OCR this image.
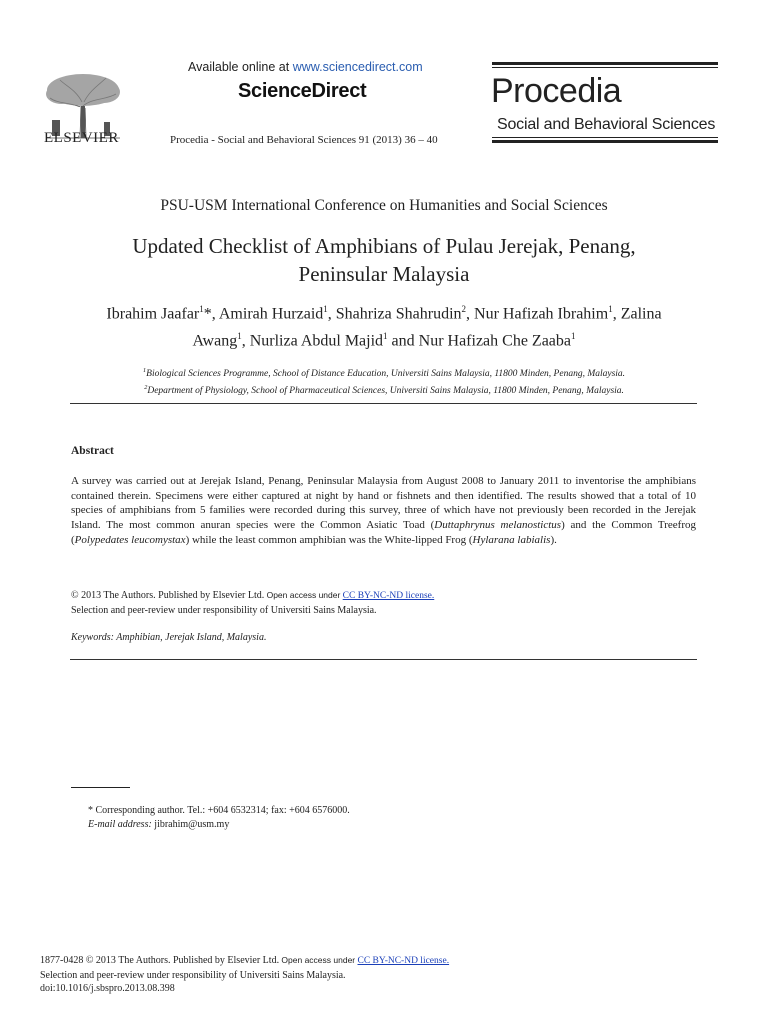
ELSEVIER
Available online at www.sciencedirect.com
ScienceDirect
Procedia - Social and Behavioral Sciences 91 (2013) 36 – 40
Procedia
Social and Behavioral Sciences
PSU-USM International Conference on Humanities and Social Sciences
Updated Checklist of Amphibians of Pulau Jerejak, Penang,
Peninsular Malaysia
Ibrahim Jaafar$^1$*, Amirah Hurzaid$^1$, Shahriza Shahrudin$^2$, Nur Hafizah Ibrahim$^1$, Zalina
Awang$^1$, Nurliza Abdul Majid$^1$ and Nur Hafizah Che Zaaba$^1$
$^1$Biological Sciences Programme, School of Distance Education, Universiti Sains Malaysia, 11800 Minden, Penang, Malaysia.
$^2$Department of Physiology, School of Pharmaceutical Sciences, Universiti Sains Malaysia, 11800 Minden, Penang, Malaysia.
Abstract
A survey was carried out at Jerejak Island, Penang, Peninsular Malaysia from August 2008 to January 2011 to inventorise the amphibians contained therein. Specimens were either captured at night by hand or fishnets and then identified. The results showed that a total of 10 species of amphibians from 5 families were recorded during this survey, three of which have not previously been recorded in the Jerejak Island. The most common anuran species were the Common Asiatic Toad (Duttaphrynus melanostictus) and the Common Treefrog (Polypedates leucomystax) while the least common amphibian was the White-lipped Frog (Hylarana labialis).
© 2013 The Authors. Published by Elsevier Ltd. Open access under CC BY-NC-ND license.
Selection and peer-review under responsibility of Universiti Sains Malaysia.
Keywords: Amphibian, Jerejak Island, Malaysia.
* Corresponding author. Tel.: +604 6532314; fax: +604 6576000.
E-mail address: jibrahim@usm.my
1877-0428 © 2013 The Authors. Published by Elsevier Ltd. Open access under CC BY-NC-ND license.
Selection and peer-review under responsibility of Universiti Sains Malaysia.
doi:10.1016/j.sbspro.2013.08.398
